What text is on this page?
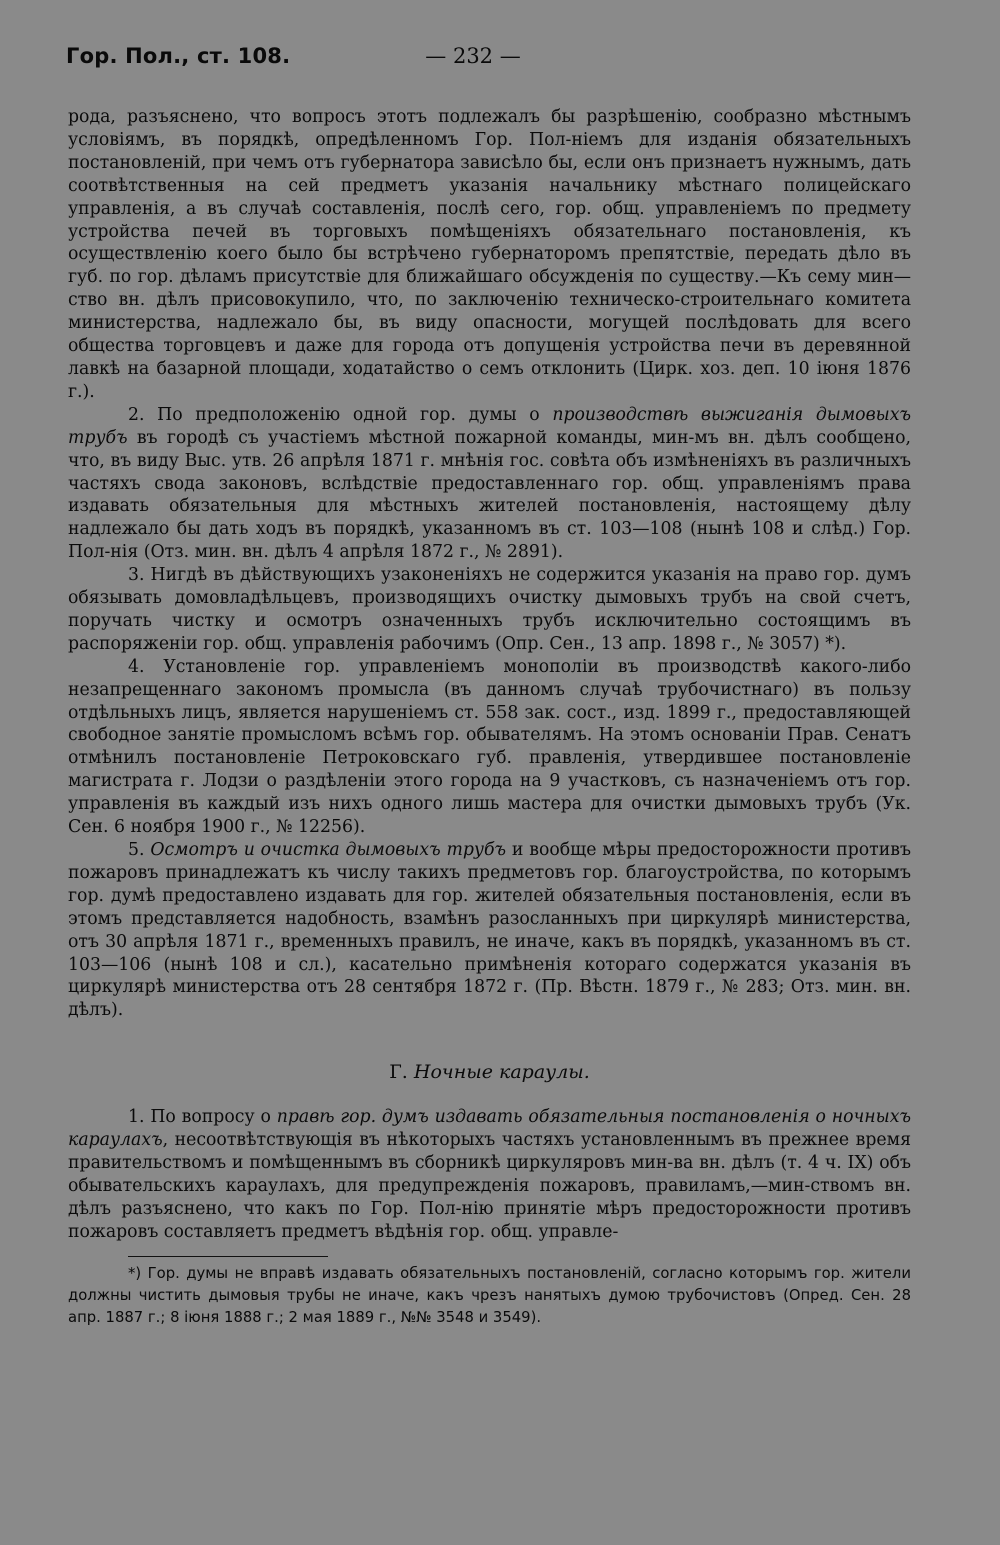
Гор. Пол., ст. 108.	— 232 —

рода, разъяснено, что вопросъ этотъ подлежалъ бы разрѣшенію, сообразно мѣстнымъ условіямъ, въ порядкѣ, опредѣленномъ Гор. Пол-ніемъ для изданія обязательныхъ постановленій, при чемъ отъ губернатора зависѣло бы, если онъ признаетъ нужнымъ, дать соотвѣтственныя на сей предметъ указанія начальнику мѣстнаго полицейскаго управленія, а въ случаѣ составленія, послѣ сего, гор. общ. управленіемъ по предмету устройства печей въ торговыхъ помѣщеніяхъ обязательнаго постановленія, къ осуществленію коего было бы встрѣчено губернаторомъ препятствіе, передать дѣло въ губ. по гор. дѣламъ присутствіе для ближайшаго обсужденія по существу.—Къ сему мин—ство вн. дѣлъ присовокупило, что, по заключенію техническо-строительнаго комитета министерства, надлежало бы, въ виду опасности, могущей послѣдовать для всего общества торговцевъ и даже для города отъ допущенія устройства печи въ деревянной лавкѣ на базарной площади, ходатайство о семъ отклонить (Цирк. хоз. деп. 10 іюня 1876 г.).

2. По предположенію одной гор. думы о производствѣ выжиганія дымовыхъ трубъ въ городѣ съ участіемъ мѣстной пожарной команды, мин-мъ вн. дѣлъ сообщено, что, въ виду Выс. утв. 26 апрѣля 1871 г. мнѣнія гос. совѣта объ измѣненіяхъ въ различныхъ частяхъ свода законовъ, вслѣдствіе предоставленнаго гор. общ. управленіямъ права издавать обязательныя для мѣстныхъ жителей постановленія, настоящему дѣлу надлежало бы дать ходъ въ порядкѣ, указанномъ въ ст. 103—108 (нынѣ 108 и слѣд.) Гор. Пол-нія (Отз. мин. вн. дѣлъ 4 апрѣля 1872 г., № 2891).

3. Нигдѣ въ дѣйствующихъ узаконеніяхъ не содержится указанія на право гор. думъ обязывать домовладѣльцевъ, производящихъ очистку дымовыхъ трубъ на свой счетъ, поручать чистку и осмотръ означенныхъ трубъ исключительно состоящимъ въ распоряженіи гор. общ. управленія рабочимъ (Опр. Сен., 13 апр. 1898 г., № 3057) *).

4. Установленіе гор. управленіемъ монополіи въ производствѣ какого-либо незапрещеннаго закономъ промысла (въ данномъ случаѣ трубочистнаго) въ пользу отдѣльныхъ лицъ, является нарушеніемъ ст. 558 зак. сост., изд. 1899 г., предоставляющей свободное занятіе промысломъ всѣмъ гор. обывателямъ. На этомъ основаніи Прав. Сенатъ отмѣнилъ постановленіе Петроковскаго губ. правленія, утвердившее постановленіе магистрата г. Лодзи о раздѣленіи этого города на 9 участковъ, съ назначеніемъ отъ гор. управленія въ каждый изъ нихъ одного лишь мастера для очистки дымовыхъ трубъ (Ук. Сен. 6 ноября 1900 г., № 12256).

5. Осмотръ и очистка дымовыхъ трубъ и вообще мѣры предосторожности противъ пожаровъ принадлежатъ къ числу такихъ предметовъ гор. благоустройства, по которымъ гор. думѣ предоставлено издавать для гор. жителей обязательныя постановленія, если въ этомъ представляется надобность, взамѣнъ разосланныхъ при циркулярѣ министерства, отъ 30 апрѣля 1871 г., временныхъ правилъ, не иначе, какъ въ порядкѣ, указанномъ въ ст. 103—106 (нынѣ 108 и сл.), касательно примѣненія котораго содержатся указанія въ циркулярѣ министерства отъ 28 сентября 1872 г. (Пр. Вѣстн. 1879 г., № 283; Отз. мин. вн. дѣлъ).

Г. Ночные караулы.

1. По вопросу о правѣ гор. думъ издавать обязательныя постановленія о ночныхъ караулахъ, несоотвѣтствующія въ нѣкоторыхъ частяхъ установленнымъ въ прежнее время правительствомъ и помѣщеннымъ въ сборникѣ циркуляровъ мин-ва вн. дѣлъ (т. 4 ч. IX) объ обывательскихъ караулахъ, для предупрежденія пожаровъ, правиламъ,—мин-ствомъ вн. дѣлъ разъяснено, что какъ по Гор. Пол-нію принятіе мѣръ предосторожности противъ пожаровъ составляетъ предметъ вѣдѣнія гор. общ. управле-

*) Гор. думы не вправѣ издавать обязательныхъ постановленій, согласно которымъ гор. жители должны чистить дымовыя трубы не иначе, какъ чрезъ нанятыхъ думою трубочистовъ (Опред. Сен. 28 апр. 1887 г.; 8 іюня 1888 г.; 2 мая 1889 г., №№ 3548 и 3549).
